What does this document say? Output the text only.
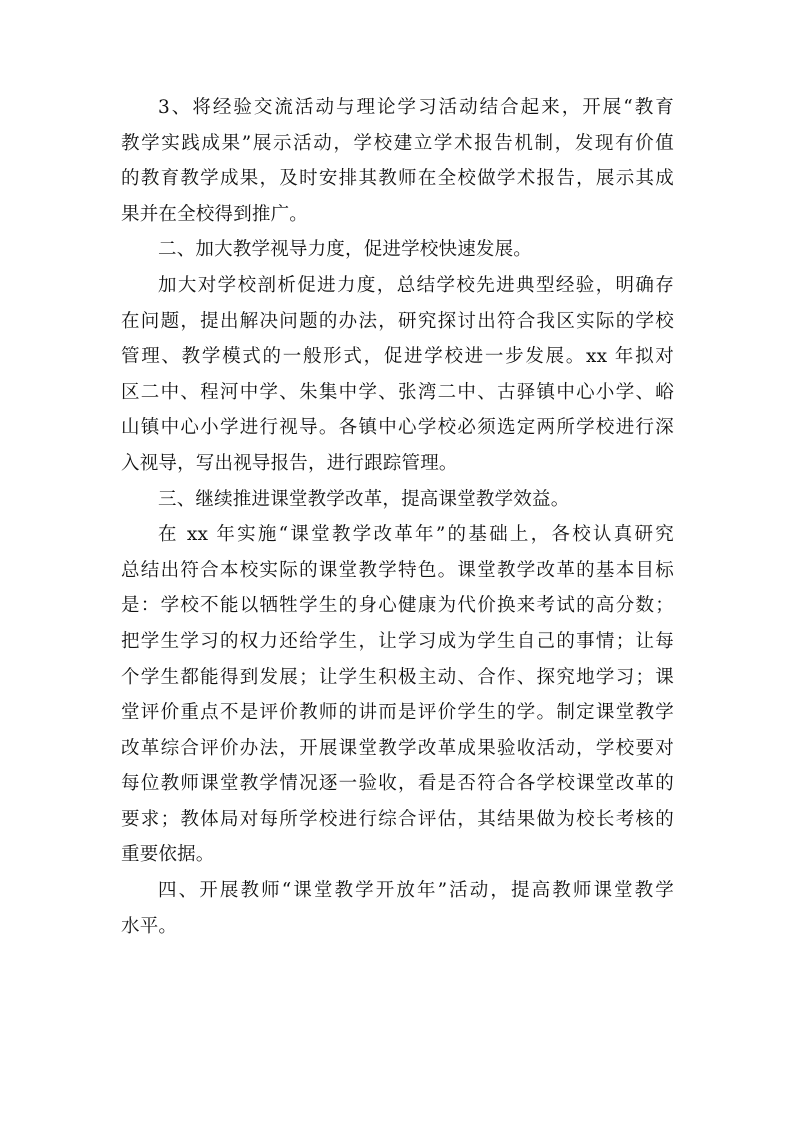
3、将经验交流活动与理论学习活动结合起来，开展“教育
教学实践成果”展示活动，学校建立学术报告机制，发现有价值
的教育教学成果，及时安排其教师在全校做学术报告，展示其成
果并在全校得到推广。
二、加大教学视导力度，促进学校快速发展。
加大对学校剖析促进力度，总结学校先进典型经验，明确存
在问题，提出解决问题的办法，研究探讨出符合我区实际的学校
管理、教学模式的一般形式，促进学校进一步发展。xx 年拟对
区二中、程河中学、朱集中学、张湾二中、古驿镇中心小学、峪
山镇中心小学进行视导。各镇中心学校必须选定两所学校进行深
入视导，写出视导报告，进行跟踪管理。
三、继续推进课堂教学改革，提高课堂教学效益。
在 xx 年实施“课堂教学改革年”的基础上，各校认真研究
总结出符合本校实际的课堂教学特色。课堂教学改革的基本目标
是：学校不能以牺牲学生的身心健康为代价换来考试的高分数；
把学生学习的权力还给学生，让学习成为学生自己的事情；让每
个学生都能得到发展；让学生积极主动、合作、探究地学习；课
堂评价重点不是评价教师的讲而是评价学生的学。制定课堂教学
改革综合评价办法，开展课堂教学改革成果验收活动，学校要对
每位教师课堂教学情况逐一验收，看是否符合各学校课堂改革的
要求；教体局对每所学校进行综合评估，其结果做为校长考核的
重要依据。
四、开展教师“课堂教学开放年”活动，提高教师课堂教学
水平。
